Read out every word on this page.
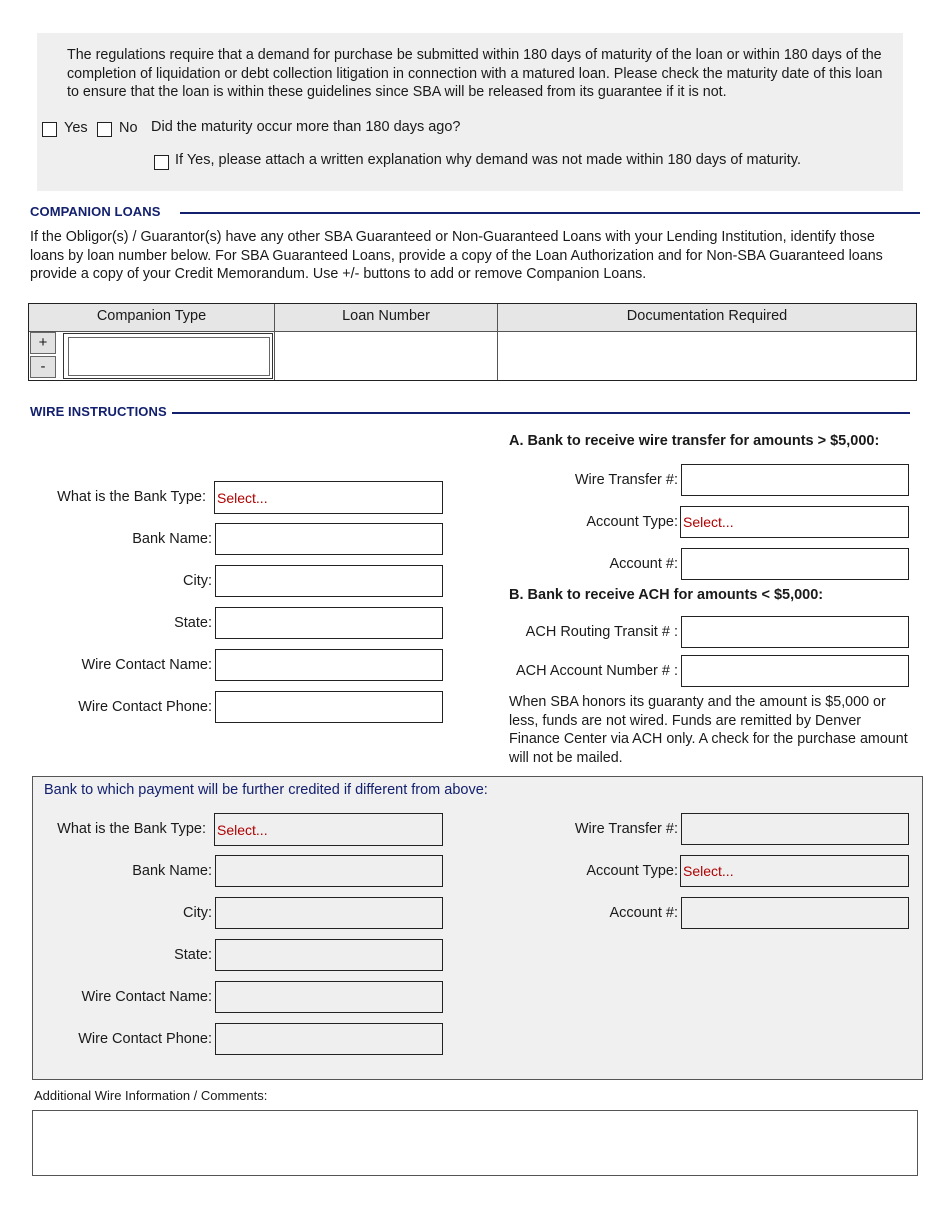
The regulations require that a demand for purchase be submitted within 180 days of maturity of the loan or within 180 days of the completion of liquidation or debt collection litigation in connection with a matured loan. Please check the maturity date of this loan to ensure that the loan is within these guidelines since SBA will be released from its guarantee if it is not.
Yes No Did the maturity occur more than 180 days ago?
If Yes, please attach a written explanation why demand was not made within 180 days of maturity.
COMPANION LOANS
If the Obligor(s) / Guarantor(s) have any other SBA Guaranteed or Non-Guaranteed Loans with your Lending Institution, identify those loans by loan number below. For SBA Guaranteed Loans, provide a copy of the Loan Authorization and for Non-SBA Guaranteed loans provide a copy of your Credit Memorandum. Use +/- buttons to add or remove Companion Loans.
Companion Type	Loan Number	Documentation Required
+
-
WIRE INSTRUCTIONS
What is the Bank Type: Select...
Bank Name:
City:
State:
Wire Contact Name:
Wire Contact Phone:
A. Bank to receive wire transfer for amounts > $5,000:
Wire Transfer #:
Account Type: Select...
Account #:
B. Bank to receive ACH for amounts < $5,000:
ACH Routing Transit # :
ACH Account Number # :
When SBA honors its guaranty and the amount is $5,000 or less, funds are not wired. Funds are remitted by Denver Finance Center via ACH only. A check for the purchase amount will not be mailed.
Bank to which payment will be further credited if different from above:
What is the Bank Type: Select...
Bank Name:
City:
State:
Wire Contact Name:
Wire Contact Phone:
Wire Transfer #:
Account Type: Select...
Account #:
Additional Wire Information / Comments:
